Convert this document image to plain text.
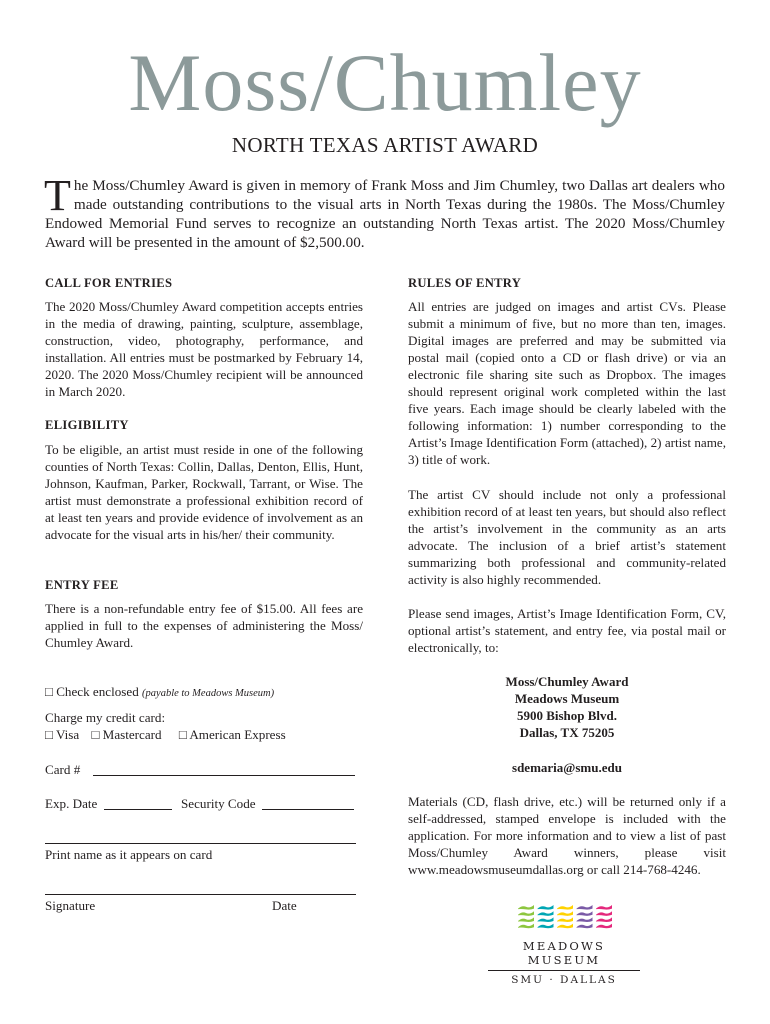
Moss/Chumley
NORTH TEXAS ARTIST AWARD
The Moss/Chumley Award is given in memory of Frank Moss and Jim Chumley, two Dallas art dealers who made outstanding contributions to the visual arts in North Texas during the 1980s. The Moss/Chumley Endowed Memorial Fund serves to recognize an outstanding North Texas artist. The 2020 Moss/Chumley Award will be presented in the amount of $2,500.00.
CALL FOR ENTRIES
The 2020 Moss/Chumley Award competition accepts entries in the media of drawing, painting, sculpture, assemblage, construction, video, photography, performance, and installation. All entries must be postmarked by February 14, 2020. The 2020 Moss/Chumley recipient will be announced in March 2020.
ELIGIBILITY
To be eligible, an artist must reside in one of the following counties of North Texas: Collin, Dallas, Denton, Ellis, Hunt, Johnson, Kaufman, Parker, Rockwall, Tarrant, or Wise. The artist must demonstrate a professional exhibition record of at least ten years and provide evidence of involvement as an advocate for the visual arts in his/her/ their community.
ENTRY FEE
There is a non-refundable entry fee of $15.00. All fees are applied in full to the expenses of administering the Moss/ Chumley Award.
□ Check enclosed (payable to Meadows Museum)
Charge my credit card:
□ Visa □ Mastercard □ American Express
Card #
Exp. Date	Security Code
Print name as it appears on card
Signature	Date
RULES OF ENTRY
All entries are judged on images and artist CVs. Please submit a minimum of five, but no more than ten, images. Digital images are preferred and may be submitted via postal mail (copied onto a CD or flash drive) or via an electronic file sharing site such as Dropbox. The images should represent original work completed within the last five years. Each image should be clearly labeled with the following information: 1) number corresponding to the Artist’s Image Identification Form (attached), 2) artist name, 3) title of work.
The artist CV should include not only a professional exhibition record of at least ten years, but should also reflect the artist’s involvement in the community as an arts advocate. The inclusion of a brief artist’s statement summarizing both professional and community-related activity is also highly recommended.
Please send images, Artist’s Image Identification Form, CV, optional artist’s statement, and entry fee, via postal mail or electronically, to:
Moss/Chumley Award
Meadows Museum
5900 Bishop Blvd.
Dallas, TX 75205
sdemaria@smu.edu
Materials (CD, flash drive, etc.) will be returned only if a self-addressed, stamped envelope is included with the application. For more information and to view a list of past Moss/Chumley Award winners, please visit www.meadowsmuseumdallas.org or call 214-768-4246.
MEADOWS MUSEUM
SMU · DALLAS
